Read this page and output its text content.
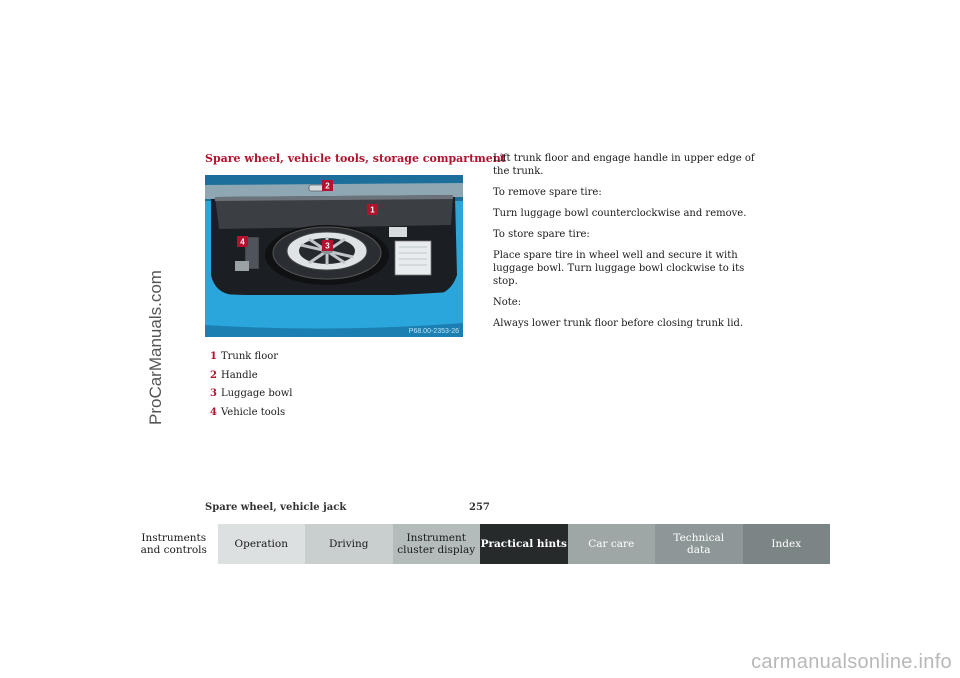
ProCarManuals.com
Spare wheel, vehicle tools, storage compartment
2
1
3
4
P68.00-2353-26
1 Trunk floor
2 Handle
3 Luggage bowl
4 Vehicle tools

Lift trunk floor and engage handle in upper edge of the trunk.

To remove spare tire:

Turn luggage bowl counterclockwise and remove.

To store spare tire:

Place spare tire in wheel well and secure it with luggage bowl. Turn luggage bowl clockwise to its stop.

Note:

Always lower trunk floor before closing trunk lid.

Spare wheel, vehicle jack	257
Instruments
and controls	Operation	Driving	Instrument
cluster display Practical hints	Car care	Technical
data	Index
carmanualsonline.info
